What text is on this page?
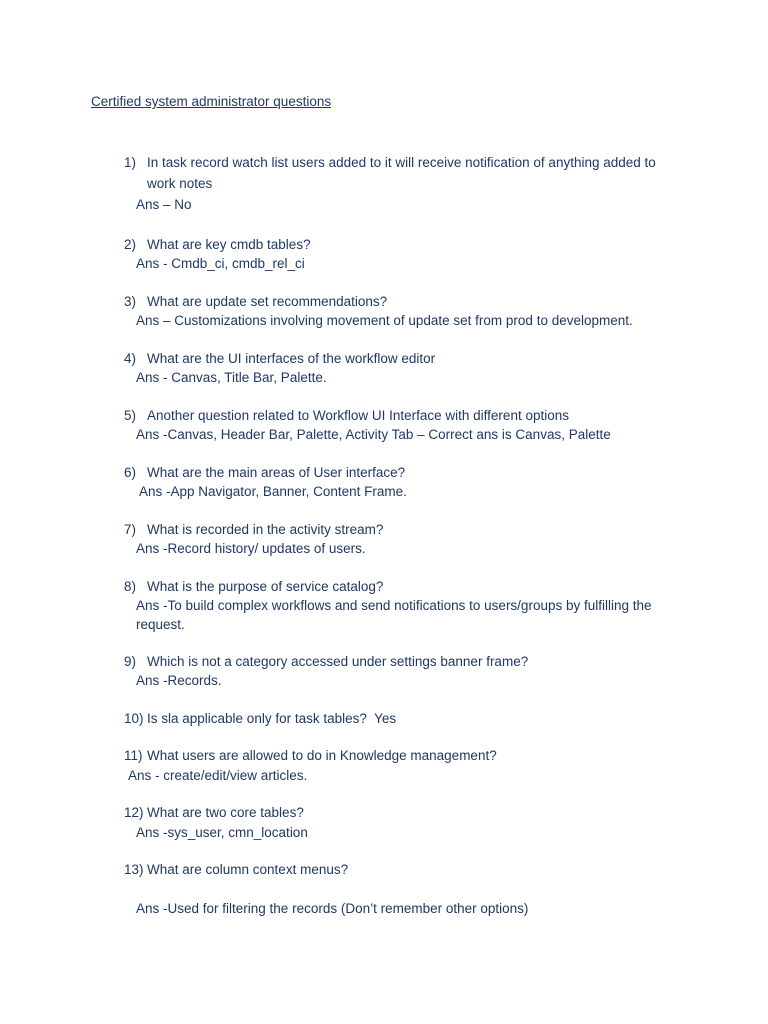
Certified system administrator questions
1) In task record watch list users added to it will receive notification of anything added to
work notes
Ans – No
2) What are key cmdb tables?
Ans - Cmdb_ci, cmdb_rel_ci
3) What are update set recommendations?
Ans – Customizations involving movement of update set from prod to development.
4) What are the UI interfaces of the workflow editor
Ans - Canvas, Title Bar, Palette.
5) Another question related to Workflow UI Interface with different options
Ans -Canvas, Header Bar, Palette, Activity Tab – Correct ans is Canvas, Palette
6) What are the main areas of User interface?
Ans -App Navigator, Banner, Content Frame.
7) What is recorded in the activity stream?
Ans -Record history/ updates of users.
8) What is the purpose of service catalog?
Ans -To build complex workflows and send notifications to users/groups by fulfilling the
request.
9) Which is not a category accessed under settings banner frame?
Ans -Records.
10) Is sla applicable only for task tables?  Yes
11) What users are allowed to do in Knowledge management?
Ans - create/edit/view articles.
12) What are two core tables?
Ans -sys_user, cmn_location
13) What are column context menus?
Ans -Used for filtering the records (Don’t remember other options)
